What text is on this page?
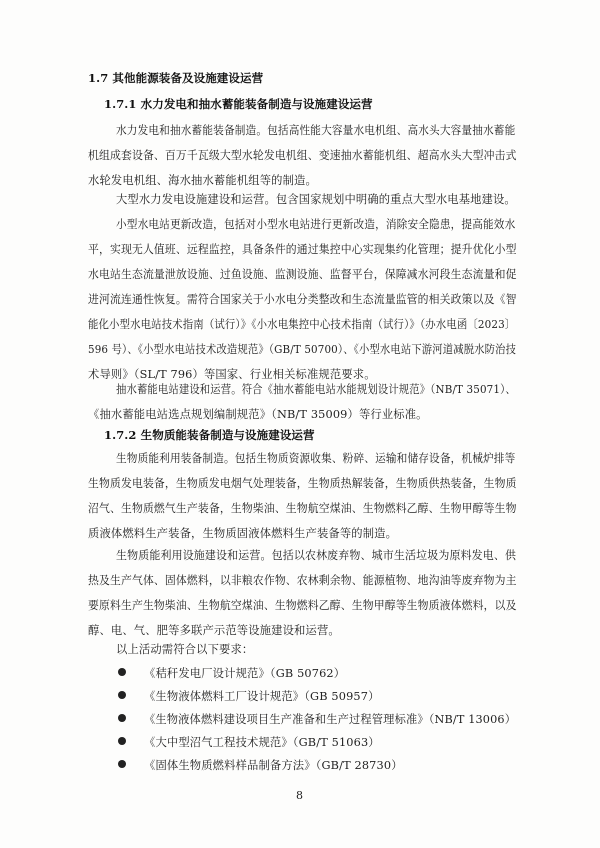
1.7 其他能源装备及设施建设运营
1.7.1 水力发电和抽水蓄能装备制造与设施建设运营
水力发电和抽水蓄能装备制造。包括高性能大容量水电机组、高水头大容量抽水蓄能
机组成套设备、百万千瓦级大型水轮发电机组、变速抽水蓄能机组、超高水头大型冲击式
水轮发电机组、海水抽水蓄能机组等的制造。
大型水力发电设施建设和运营。包含国家规划中明确的重点大型水电基地建设。
小型水电站更新改造，包括对小型水电站进行更新改造，消除安全隐患，提高能效水
平，实现无人值班、远程监控，具备条件的通过集控中心实现集约化管理；提升优化小型
水电站生态流量泄放设施、过鱼设施、监测设施、监督平台，保障减水河段生态流量和促
进河流连通性恢复。需符合国家关于小水电分类整改和生态流量监管的相关政策以及《智
能化小型水电站技术指南（试行）》《小水电集控中心技术指南（试行）》（办水电函〔2023〕
596 号）、《小型水电站技术改造规范》（GB/T 50700）、《小型水电站下游河道减脱水防治技
术导则》（SL/T 796）等国家、行业相关标准规范要求。
抽水蓄能电站建设和运营。符合《抽水蓄能电站水能规划设计规范》（NB/T 35071）、
《抽水蓄能电站选点规划编制规范》（NB/T 35009）等行业标准。
1.7.2 生物质能装备制造与设施建设运营
生物质能利用装备制造。包括生物质资源收集、粉碎、运输和储存设备，机械炉排等
生物质发电装备，生物质发电烟气处理装备，生物质热解装备，生物质供热装备，生物质
沼气、生物质燃气生产装备，生物柴油、生物航空煤油、生物燃料乙醇、生物甲醇等生物
质液体燃料生产装备，生物质固液体燃料生产装备等的制造。
生物质能利用设施建设和运营。包括以农林废弃物、城市生活垃圾为原料发电、供
热及生产气体、固体燃料，以非粮农作物、农林剩余物、能源植物、地沟油等废弃物为主
要原料生产生物柴油、生物航空煤油、生物燃料乙醇、生物甲醇等生物质液体燃料，以及
醇、电、气、肥等多联产示范等设施建设和运营。
以上活动需符合以下要求：
《秸秆发电厂设计规范》（GB 50762）
《生物液体燃料工厂设计规范》（GB 50957）
《生物液体燃料建设项目生产准备和生产过程管理标准》（NB/T 13006）
《大中型沼气工程技术规范》（GB/T 51063）
《固体生物质燃料样品制备方法》（GB/T 28730）
8
